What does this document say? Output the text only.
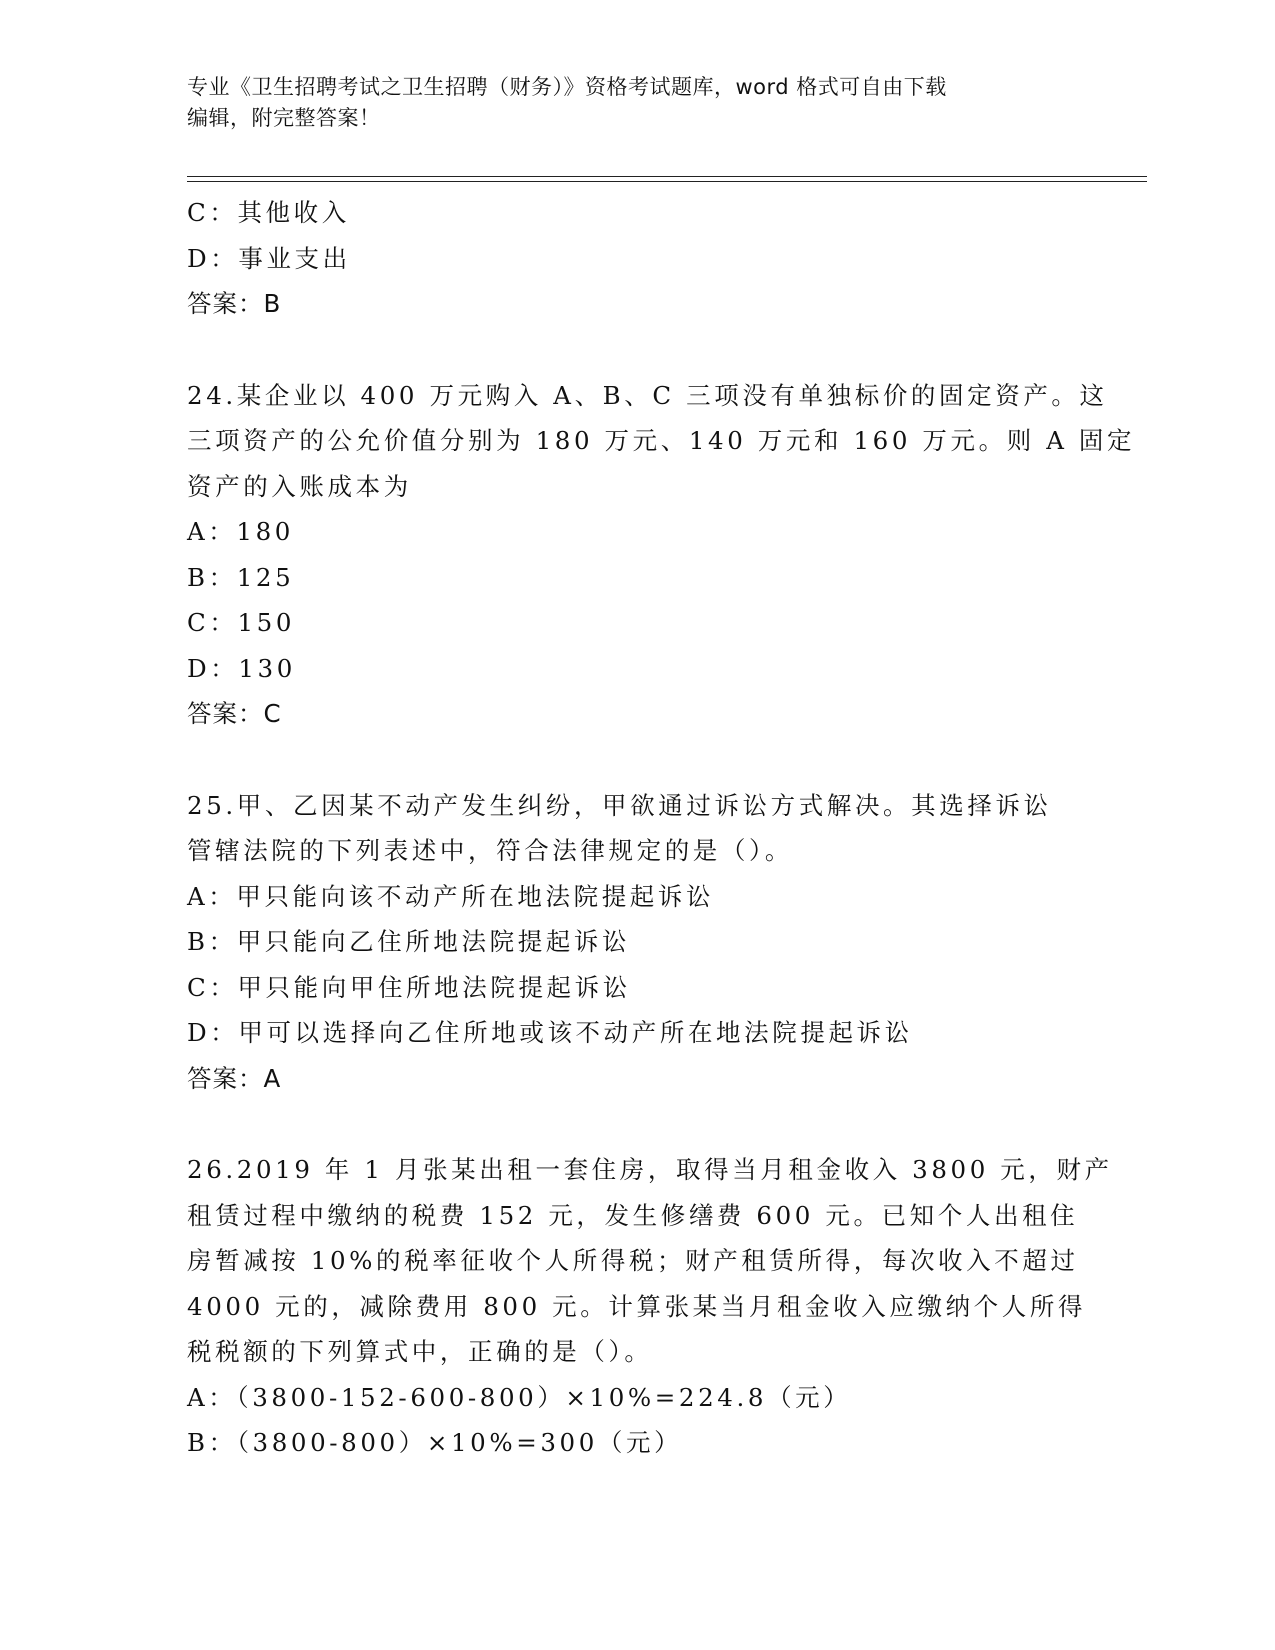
专业《卫生招聘考试之卫生招聘（财务）》资格考试题库，word 格式可自由下载
编辑，附完整答案！
C：其他收入
D：事业支出
答案：B
24.某企业以 400 万元购入 A、B、C 三项没有单独标价的固定资产。这
三项资产的公允价值分别为 180 万元、140 万元和 160 万元。则 A 固定
资产的入账成本为
A：180
B：125
C：150
D：130
答案：C
25.甲、乙因某不动产发生纠纷，甲欲通过诉讼方式解决。其选择诉讼
管辖法院的下列表述中，符合法律规定的是（）。
A：甲只能向该不动产所在地法院提起诉讼
B：甲只能向乙住所地法院提起诉讼
C：甲只能向甲住所地法院提起诉讼
D：甲可以选择向乙住所地或该不动产所在地法院提起诉讼
答案：A
26.2019 年 1 月张某出租一套住房，取得当月租金收入 3800 元，财产
租赁过程中缴纳的税费 152 元，发生修缮费 600 元。已知个人出租住
房暂减按 10%的税率征收个人所得税；财产租赁所得，每次收入不超过
4000 元的，减除费用 800 元。计算张某当月租金收入应缴纳个人所得
税税额的下列算式中，正确的是（）。
A：（3800-152-600-800）×10%=224.8（元）
B：（3800-800）×10%=300（元）
